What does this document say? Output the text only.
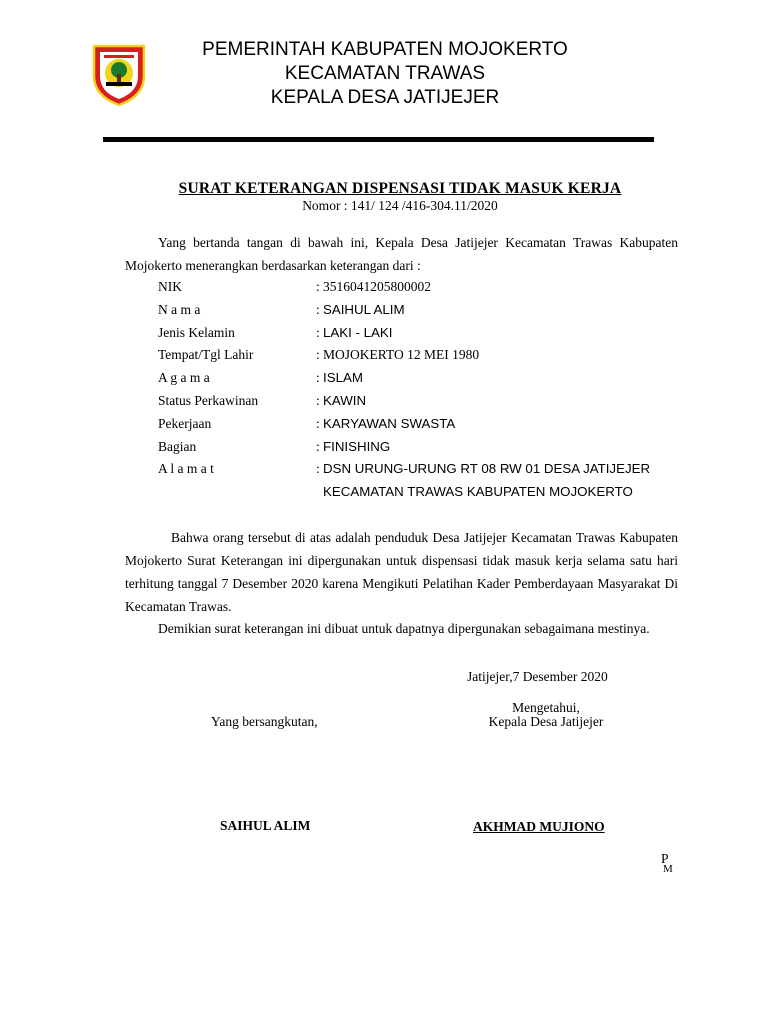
PEMERINTAH KABUPATEN MOJOKERTO
KECAMATAN TRAWAS
KEPALA DESA JATIJEJER
SURAT KETERANGAN DISPENSASI TIDAK MASUK KERJA
Nomor : 141/ 124 /416-304.11/2020
Yang bertanda tangan di bawah ini, Kepala Desa Jatijejer Kecamatan Trawas Kabupaten Mojokerto menerangkan berdasarkan keterangan dari :
NIK	: 3516041205800002
N a m a	: SAIHUL ALIM
Jenis Kelamin	: LAKI - LAKI
Tempat/Tgl Lahir	: MOJOKERTO 12 MEI 1980
A g a m a	: ISLAM
Status Perkawinan	: KAWIN
Pekerjaan	: KARYAWAN SWASTA
Bagian	: FINISHING
A l a m a t	: DSN URUNG-URUNG RT 08 RW 01 DESA JATIJEJER
KECAMATAN TRAWAS KABUPATEN MOJOKERTO
Bahwa orang tersebut di atas adalah penduduk Desa Jatijejer Kecamatan Trawas Kabupaten Mojokerto Surat Keterangan ini dipergunakan untuk dispensasi tidak masuk kerja selama satu hari terhitung tanggal 7 Desember 2020 karena Mengikuti Pelatihan Kader Pemberdayaan Masyarakat Di Kecamatan Trawas.
Demikian surat keterangan ini dibuat untuk dapatnya dipergunakan sebagaimana mestinya.
Jatijejer,7 Desember 2020
Mengetahui,
Kepala Desa Jatijejer
Yang bersangkutan,
SAIHUL ALIM	AKHMAD MUJIONO
P
M
